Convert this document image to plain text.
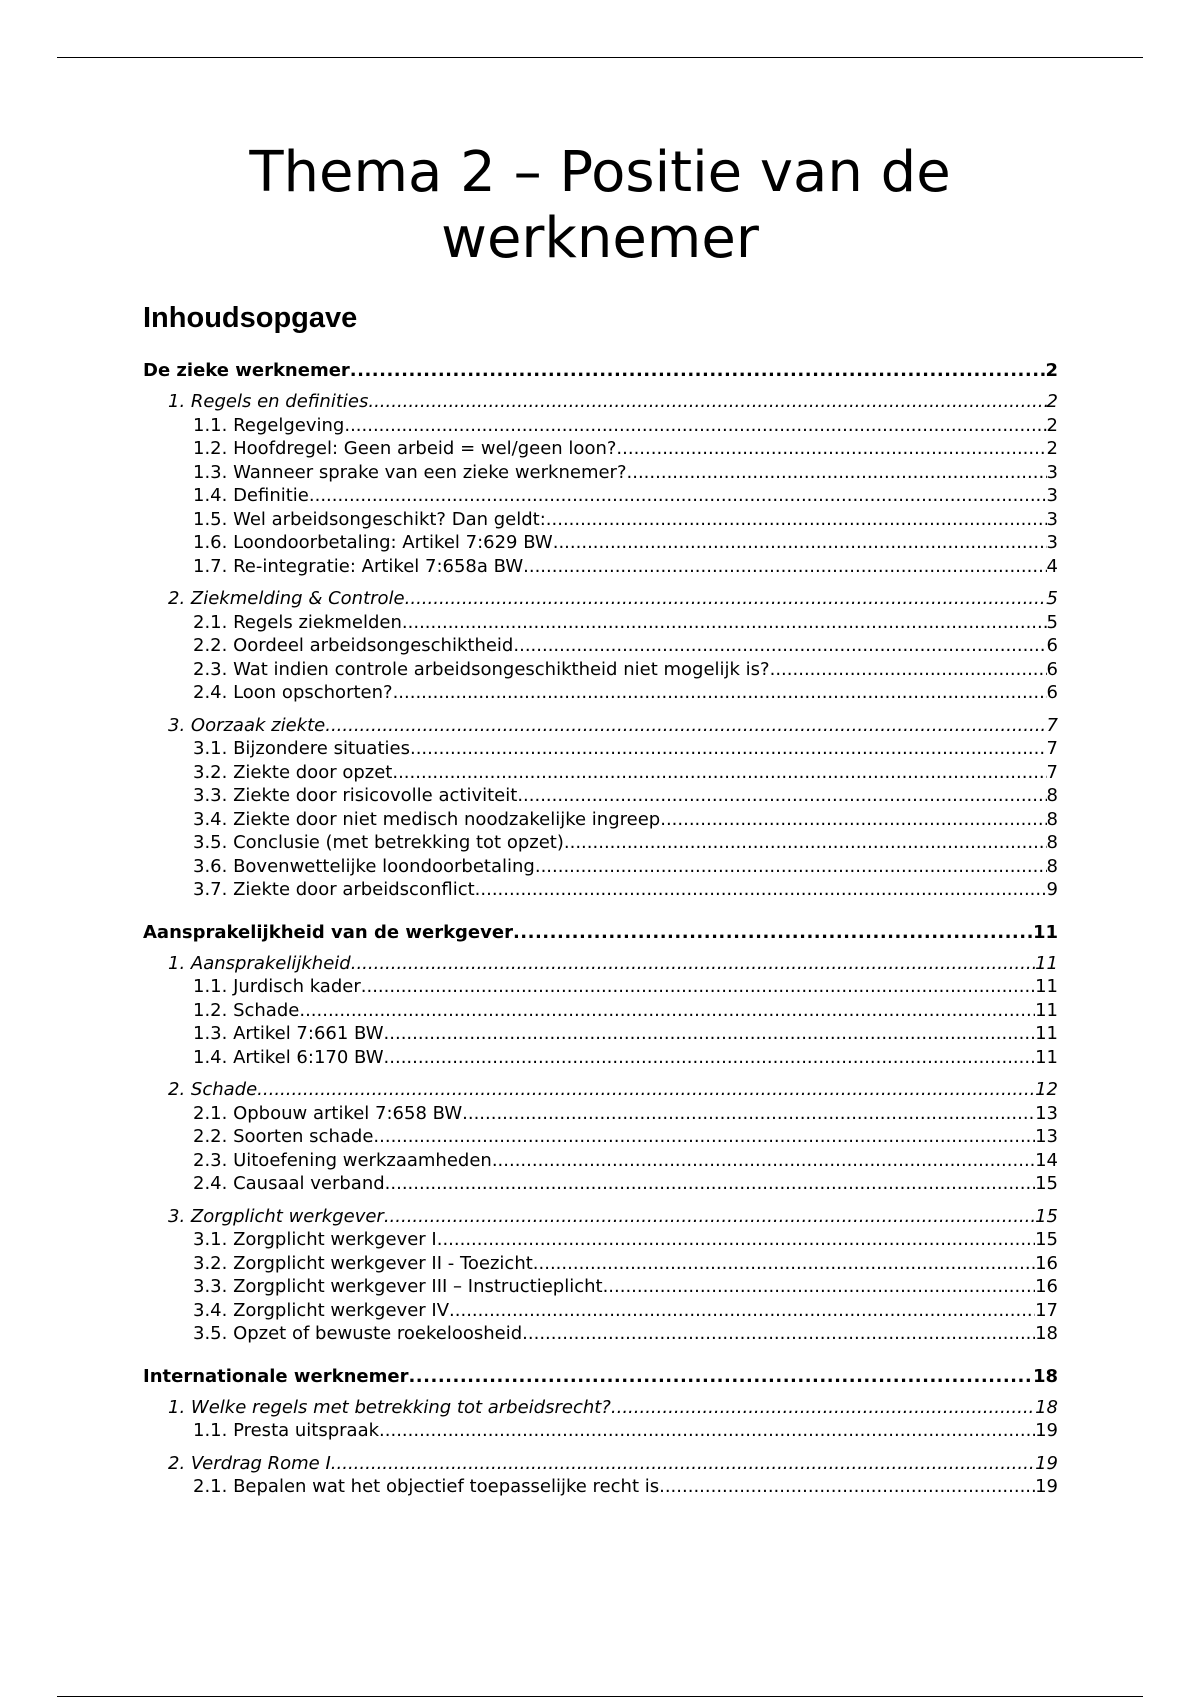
Thema 2 – Positie van de
werknemer
Inhoudsopgave
De zieke werknemer .....	2
1. Regels en definities .....	2
1.1. Regelgeving .....	2
1.2. Hoofdregel: Geen arbeid = wel/geen loon? .....	2
1.3. Wanneer sprake van een zieke werknemer? .....	3
1.4. Definitie .....	3
1.5. Wel arbeidsongeschikt? Dan geldt: .....	3
1.6. Loondoorbetaling: Artikel 7:629 BW .....	3
1.7. Re-integratie: Artikel 7:658a BW .....	4
2. Ziekmelding & Controle .....	5
2.1. Regels ziekmelden .....	5
2.2. Oordeel arbeidsongeschiktheid .....	6
2.3. Wat indien controle arbeidsongeschiktheid niet mogelijk is? .....	6
2.4. Loon opschorten? .....	6
3. Oorzaak ziekte .....	7
3.1. Bijzondere situaties .....	7
3.2. Ziekte door opzet .....	7
3.3. Ziekte door risicovolle activiteit .....	8
3.4. Ziekte door niet medisch noodzakelijke ingreep .....	8
3.5. Conclusie (met betrekking tot opzet) .....	8
3.6. Bovenwettelijke loondoorbetaling .....	8
3.7. Ziekte door arbeidsconflict .....	9
Aansprakelijkheid van de werkgever .....	11
1. Aansprakelijkheid .....	11
1.1. Jurdisch kader .....	11
1.2. Schade .....	11
1.3. Artikel 7:661 BW .....	11
1.4. Artikel 6:170 BW .....	11
2. Schade .....	12
2.1. Opbouw artikel 7:658 BW .....	13
2.2. Soorten schade .....	13
2.3. Uitoefening werkzaamheden .....	14
2.4. Causaal verband .....	15
3. Zorgplicht werkgever .....	15
3.1. Zorgplicht werkgever I .....	15
3.2. Zorgplicht werkgever II - Toezicht .....	16
3.3. Zorgplicht werkgever III – Instructieplicht .....	16
3.4. Zorgplicht werkgever IV .....	17
3.5. Opzet of bewuste roekeloosheid .....	18
Internationale werknemer .....	18
1. Welke regels met betrekking tot arbeidsrecht? .....	18
1.1. Presta uitspraak .....	19
2. Verdrag Rome I .....	19
2.1. Bepalen wat het objectief toepasselijke recht is .....	19
